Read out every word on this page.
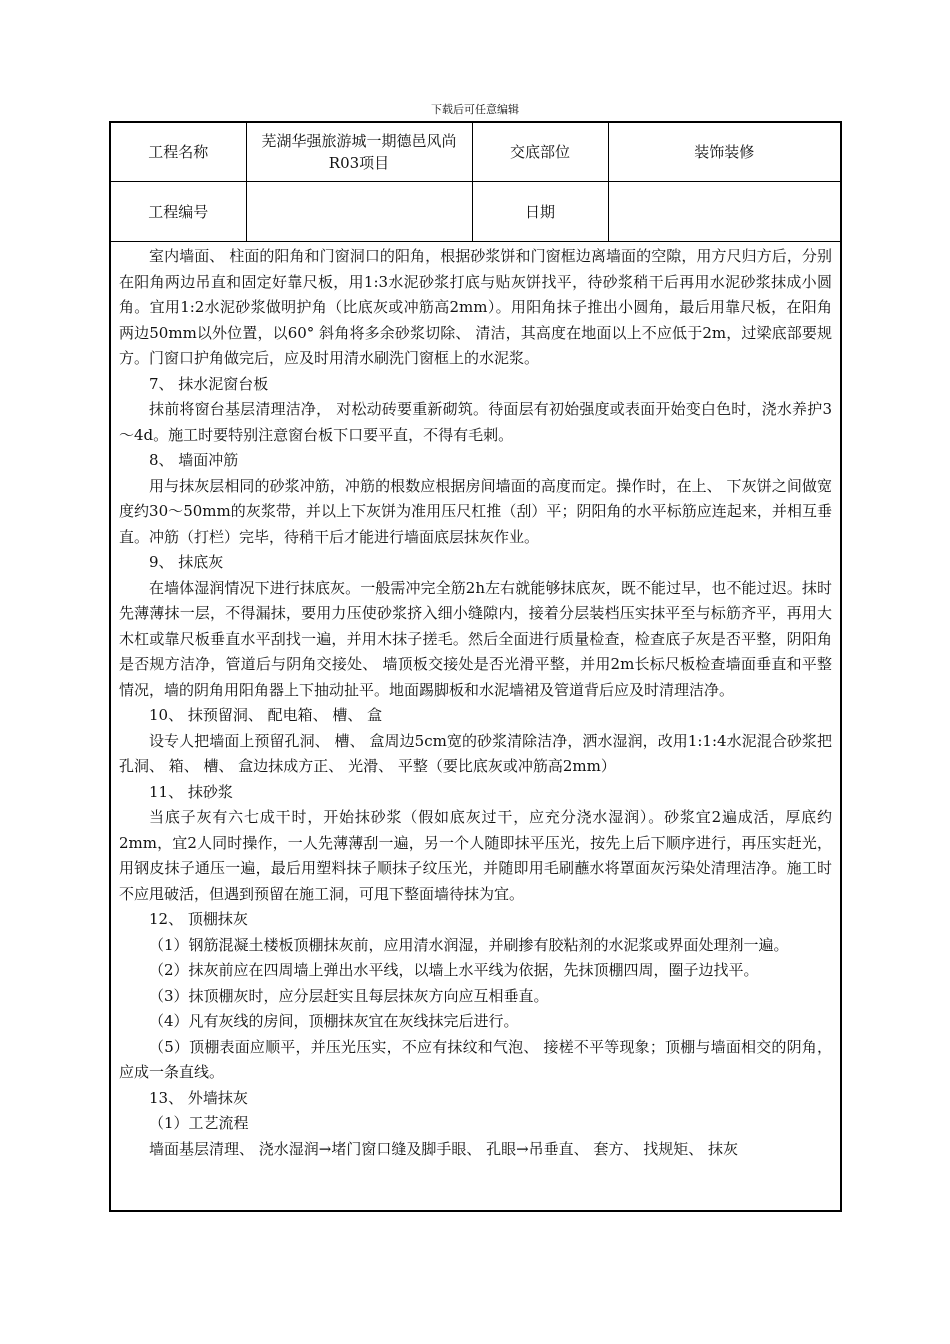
下载后可任意编辑
工程名称	芜湖华强旅游城一期德邑风尚R03项目	交底部位	装饰装修
工程编号		日期	

室内墙面、 柱面的阳角和门窗洞口的阳角，根据砂浆饼和门窗框边离墙面的空隙，用方尺归方后，分别在阳角两边吊直和固定好靠尺板，用1:3水泥砂浆打底与贴灰饼找平，待砂浆稍干后再用水泥砂浆抹成小圆角。宜用1:2水泥砂浆做明护角（比底灰或冲筋高2mm）。用阳角抹子推出小圆角，最后用靠尺板，在阳角两边50mm以外位置，以60° 斜角将多余砂浆切除、 清洁，其高度在地面以上不应低于2m，过梁底部要规方。门窗口护角做完后，应及时用清水刷洗门窗框上的水泥浆。

7、 抹水泥窗台板

抹前将窗台基层清理洁净， 对松动砖要重新砌筑。待面层有初始强度或表面开始变白色时，浇水养护3～4d。施工时要特别注意窗台板下口要平直，不得有毛刺。

8、 墙面冲筋

用与抹灰层相同的砂浆冲筋，冲筋的根数应根据房间墙面的高度而定。操作时，在上、 下灰饼之间做宽度约30～50mm的灰浆带，并以上下灰饼为准用压尺杠推（刮）平；阴阳角的水平标筋应连起来，并相互垂直。冲筋（打栏）完毕，待稍干后才能进行墙面底层抹灰作业。

9、 抹底灰

在墙体湿润情况下进行抹底灰。一般需冲完全筋2h左右就能够抹底灰，既不能过早，也不能过迟。抹时先薄薄抹一层，不得漏抹，要用力压使砂浆挤入细小缝隙内，接着分层装档压实抹平至与标筋齐平，再用大木杠或靠尺板垂直水平刮找一遍，并用木抹子搓毛。然后全面进行质量检查，检查底子灰是否平整，阴阳角是否规方洁净，管道后与阴角交接处、 墙顶板交接处是否光滑平整，并用2m长标尺板检查墙面垂直和平整情况，墙的阴角用阳角器上下抽动扯平。地面踢脚板和水泥墙裙及管道背后应及时清理洁净。

10、 抹预留洞、 配电箱、 槽、 盒

设专人把墙面上预留孔洞、 槽、 盒周边5cm宽的砂浆清除洁净，洒水湿润，改用1:1:4水泥混合砂浆把孔洞、 箱、 槽、 盒边抹成方正、 光滑、 平整（要比底灰或冲筋高2mm）

11、 抹砂浆

当底子灰有六七成干时，开始抹砂浆（假如底灰过干，应充分浇水湿润）。砂浆宜2遍成活，厚底约2mm，宜2人同时操作，一人先薄薄刮一遍，另一个人随即抹平压光，按先上后下顺序进行，再压实赶光，用钢皮抹子通压一遍，最后用塑料抹子顺抹子纹压光，并随即用毛刷蘸水将罩面灰污染处清理洁净。施工时不应甩破活，但遇到预留在施工洞，可甩下整面墙待抹为宜。

12、 顶棚抹灰

（1）钢筋混凝土楼板顶棚抹灰前，应用清水润湿，并刷掺有胶粘剂的水泥浆或界面处理剂一遍。

（2）抹灰前应在四周墙上弹出水平线，以墙上水平线为依据，先抹顶棚四周，圈子边找平。

（3）抹顶棚灰时，应分层赶实且每层抹灰方向应互相垂直。

（4）凡有灰线的房间，顶棚抹灰宜在灰线抹完后进行。

（5）顶棚表面应顺平，并压光压实，不应有抹纹和气泡、 接槎不平等现象；顶棚与墙面相交的阴角，应成一条直线。

13、 外墙抹灰

（1）工艺流程

墙面基层清理、 浇水湿润→堵门窗口缝及脚手眼、 孔眼→吊垂直、 套方、 找规矩、 抹灰
